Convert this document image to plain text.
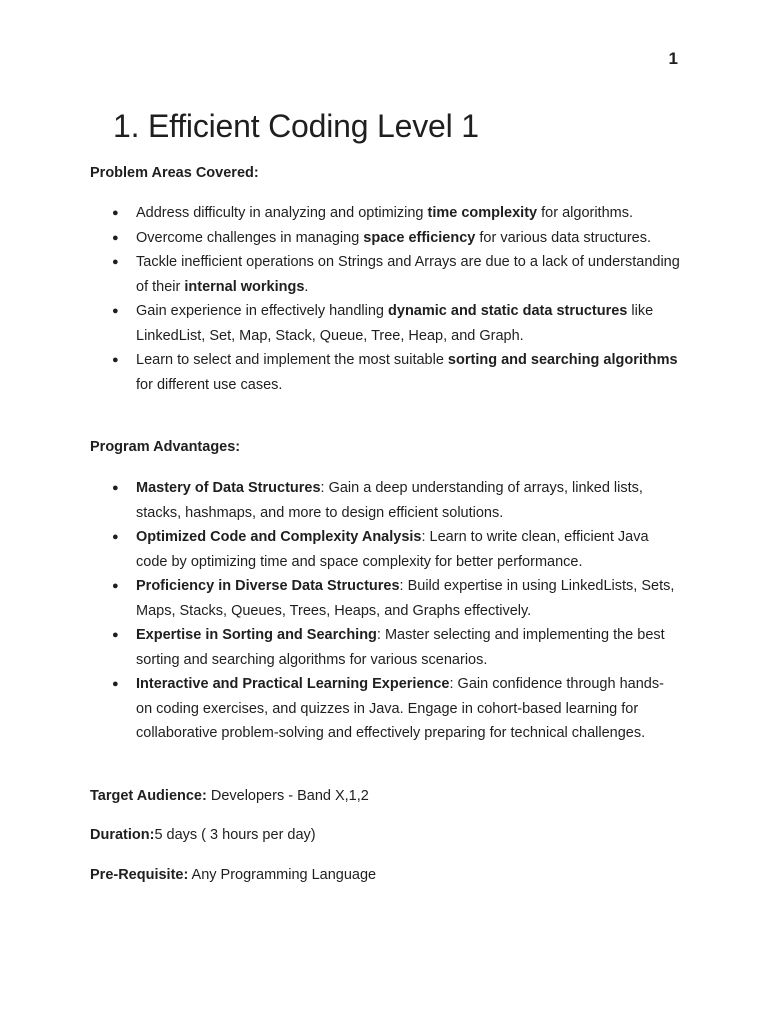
1
1. Efficient Coding Level 1

Problem Areas Covered:

● Address difficulty in analyzing and optimizing time complexity for algorithms.
● Overcome challenges in managing space efficiency for various data structures.
● Tackle inefficient operations on Strings and Arrays are due to a lack of understanding of their internal workings.
● Gain experience in effectively handling dynamic and static data structures like LinkedList, Set, Map, Stack, Queue, Tree, Heap, and Graph.
● Learn to select and implement the most suitable sorting and searching algorithms for different use cases.

Program Advantages:

● Mastery of Data Structures: Gain a deep understanding of arrays, linked lists, stacks, hashmaps, and more to design efficient solutions.
● Optimized Code and Complexity Analysis: Learn to write clean, efficient Java code by optimizing time and space complexity for better performance.
● Proficiency in Diverse Data Structures: Build expertise in using LinkedLists, Sets, Maps, Stacks, Queues, Trees, Heaps, and Graphs effectively.
● Expertise in Sorting and Searching: Master selecting and implementing the best sorting and searching algorithms for various scenarios.
● Interactive and Practical Learning Experience: Gain confidence through hands-on coding exercises, and quizzes in Java. Engage in cohort-based learning for collaborative problem-solving and effectively preparing for technical challenges.

Target Audience: Developers - Band X,1,2

Duration:5 days ( 3 hours per day)

Pre-Requisite: Any Programming Language
